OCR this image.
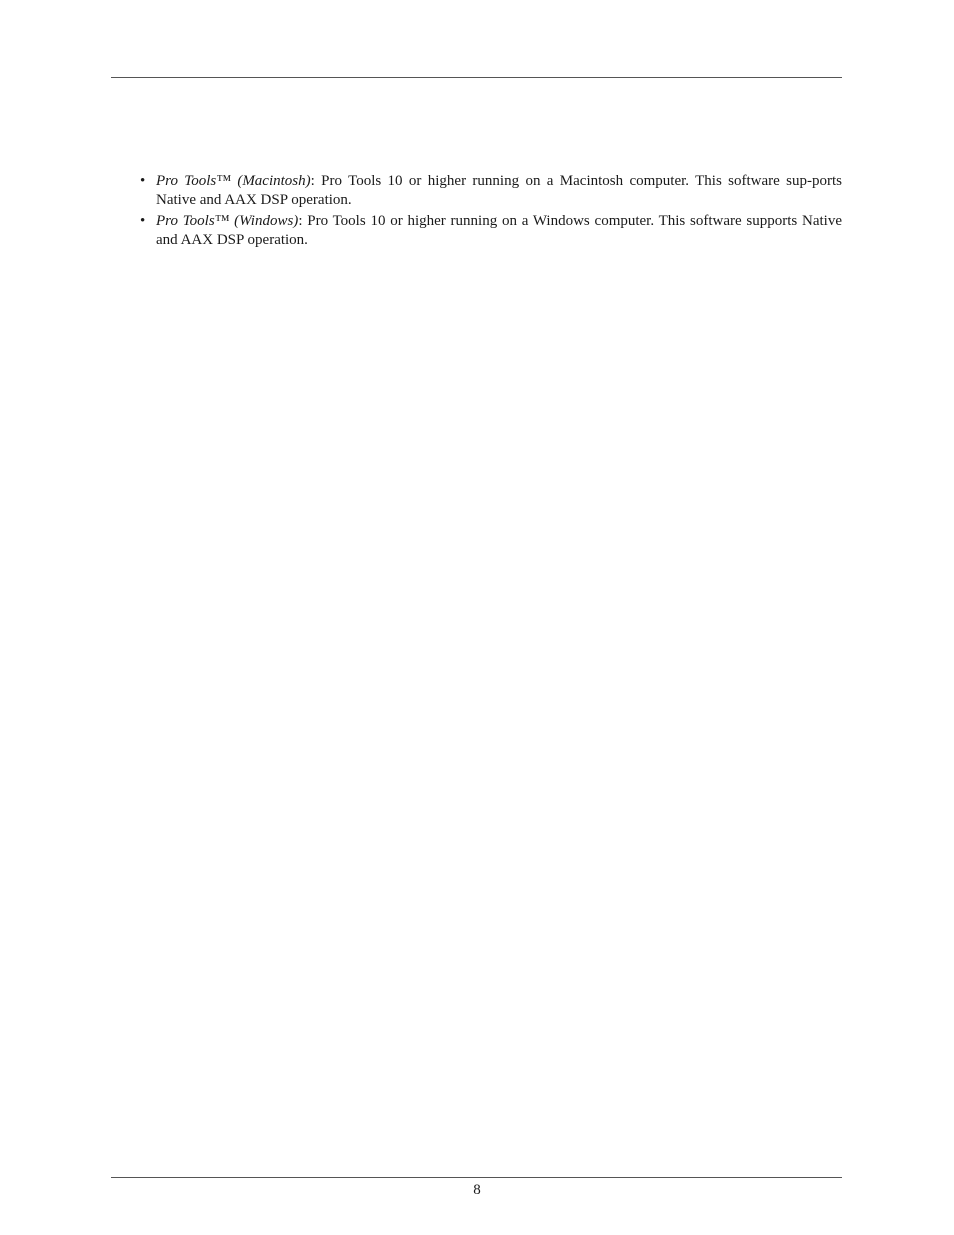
• Pro Tools™ (Macintosh): Pro Tools 10 or higher running on a Macintosh computer. This software sup-ports Native and AAX DSP operation.
• Pro Tools™ (Windows): Pro Tools 10 or higher running on a Windows computer. This software supports Native and AAX DSP operation.
8
